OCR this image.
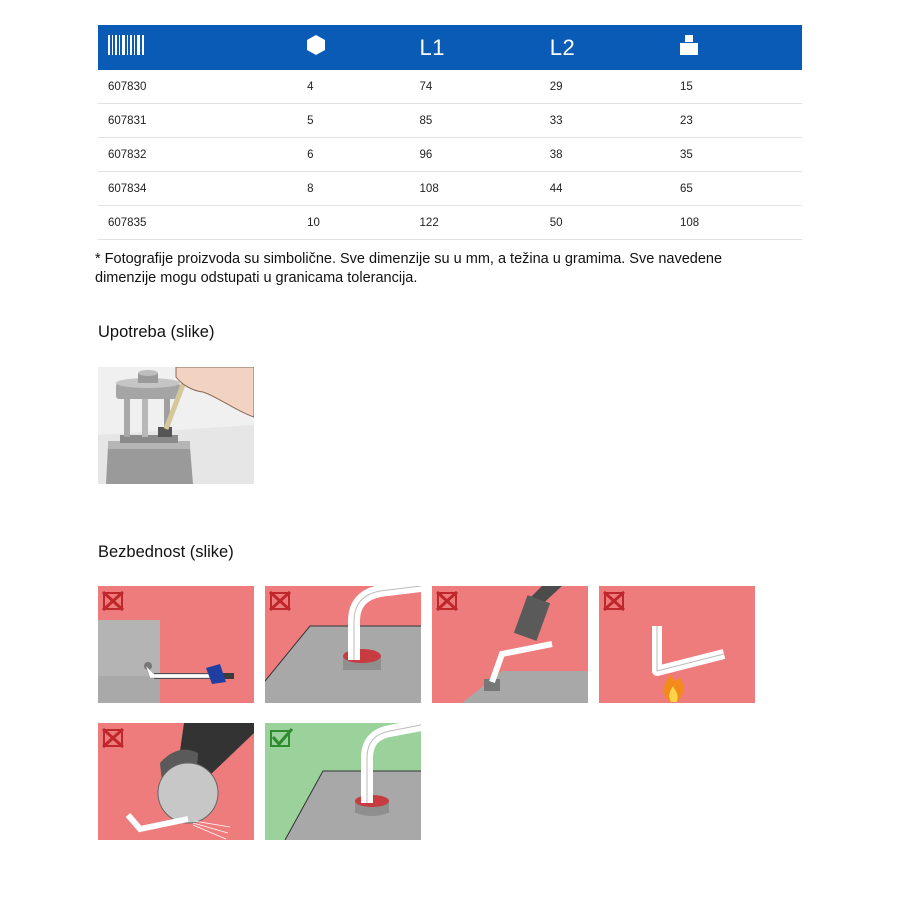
		L1	L2	
607830	4	74	29	15
607831	5	85	33	23
607832	6	96	38	35
607834	8	108	44	65
607835	10	122	50	108

* Fotografije proizvoda su simbolične. Sve dimenzije su u mm, a težina u gramima. Sve navedene dimenzije mogu odstupati u granicama tolerancija.

Upotreba (slike)
Bezbednost (slike)
